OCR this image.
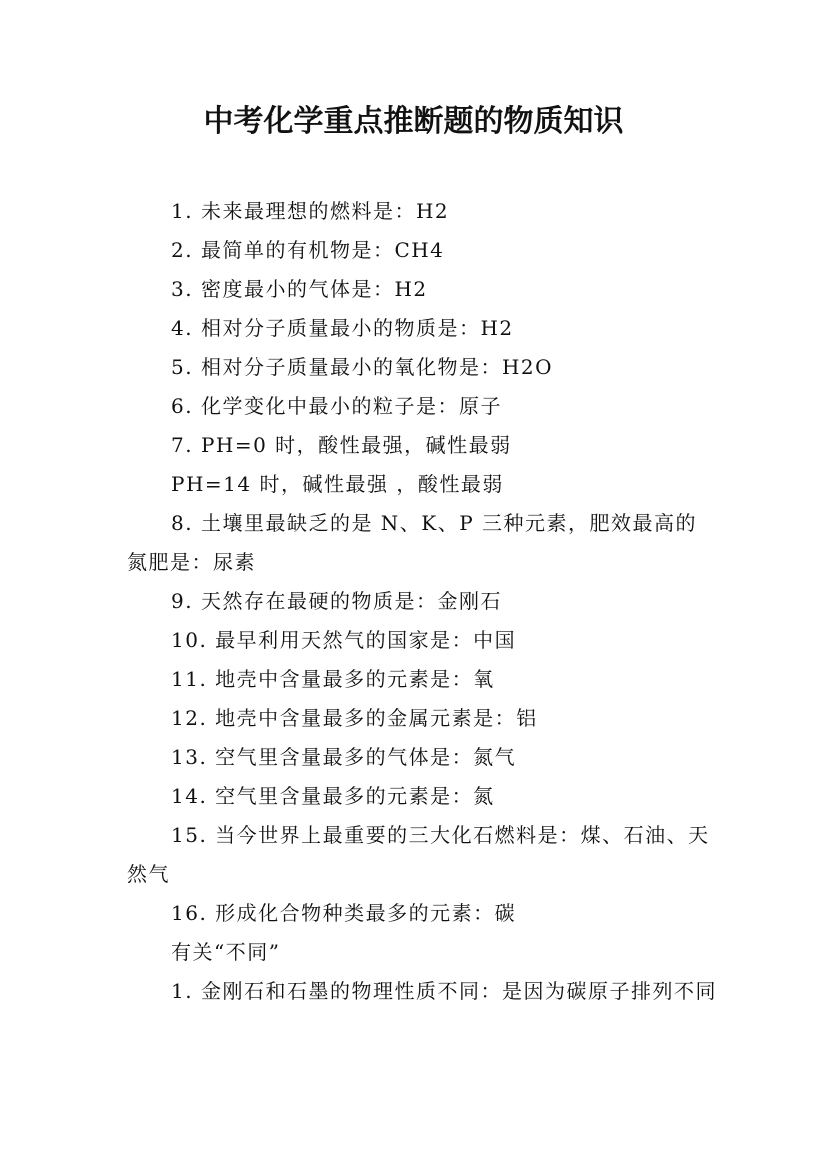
中考化学重点推断题的物质知识

1. 未来最理想的燃料是：H2

2. 最简单的有机物是：CH4

3. 密度最小的气体是：H2

4. 相对分子质量最小的物质是：H2

5. 相对分子质量最小的氧化物是：H2O

6. 化学变化中最小的粒子是：原子

7. PH=0 时，酸性最强，碱性最弱

PH=14 时，碱性最强 ，酸性最弱

8. 土壤里最缺乏的是 N、K、P 三种元素，肥效最高的氮肥是：尿素

9. 天然存在最硬的物质是：金刚石

10. 最早利用天然气的国家是：中国

11. 地壳中含量最多的元素是：氧

12. 地壳中含量最多的金属元素是：铝

13. 空气里含量最多的气体是：氮气

14. 空气里含量最多的元素是：氮

15. 当今世界上最重要的三大化石燃料是：煤、石油、天然气

16. 形成化合物种类最多的元素：碳

有关“不同”

1. 金刚石和石墨的物理性质不同：是因为碳原子排列不同
